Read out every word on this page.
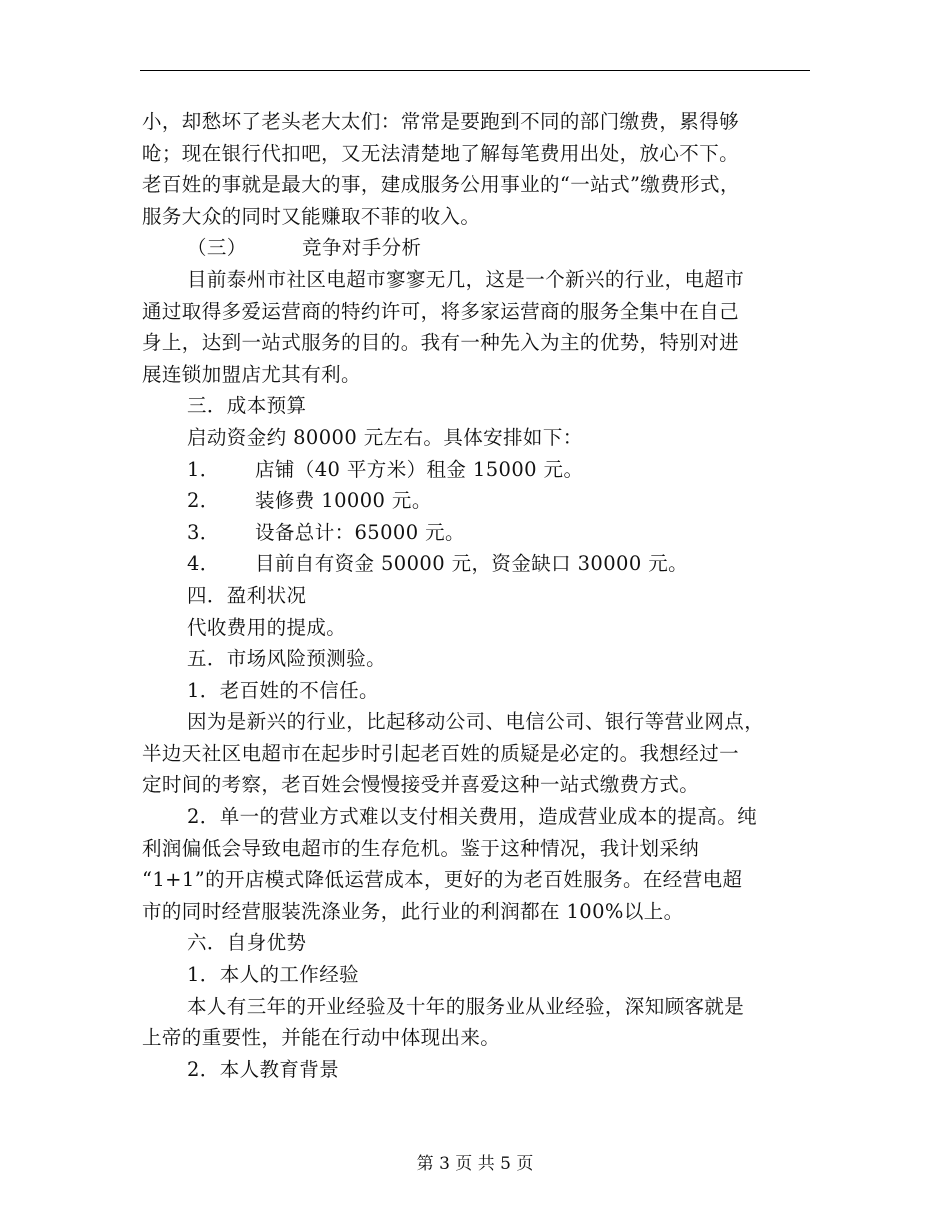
小，却愁坏了老头老大太们：常常是要跑到不同的部门缴费，累得够
呛；现在银行代扣吧，又无法清楚地了解每笔费用出处，放心不下。
老百姓的事就是最大的事，建成服务公用事业的“一站式”缴费形式，
服务大众的同时又能赚取不菲的收入。
（三）	竞争对手分析
目前泰州市社区电超市寥寥无几，这是一个新兴的行业，电超市
通过取得多爱运营商的特约许可，将多家运营商的服务全集中在自己
身上，达到一站式服务的目的。我有一种先入为主的优势，特别对进
展连锁加盟店尤其有利。
三．成本预算
启动资金约 80000 元左右。具体安排如下：
1． 店铺（40 平方米）租金 15000 元。
2． 装修费 10000 元。
3． 设备总计：65000 元。
4． 目前自有资金 50000 元，资金缺口 30000 元。
四．盈利状况
代收费用的提成。
五．市场风险预测验。
1．老百姓的不信任。
因为是新兴的行业，比起移动公司、电信公司、银行等营业网点，
半边天社区电超市在起步时引起老百姓的质疑是必定的。我想经过一
定时间的考察，老百姓会慢慢接受并喜爱这种一站式缴费方式。
2．单一的营业方式难以支付相关费用，造成营业成本的提高。纯
利润偏低会导致电超市的生存危机。鉴于这种情况，我计划采纳
“1+1”的开店模式降低运营成本，更好的为老百姓服务。在经营电超
市的同时经营服装洗涤业务，此行业的利润都在 100%以上。
六．自身优势
1．本人的工作经验
本人有三年的开业经验及十年的服务业从业经验，深知顾客就是
上帝的重要性，并能在行动中体现出来。
2．本人教育背景
第 3 页 共 5 页
